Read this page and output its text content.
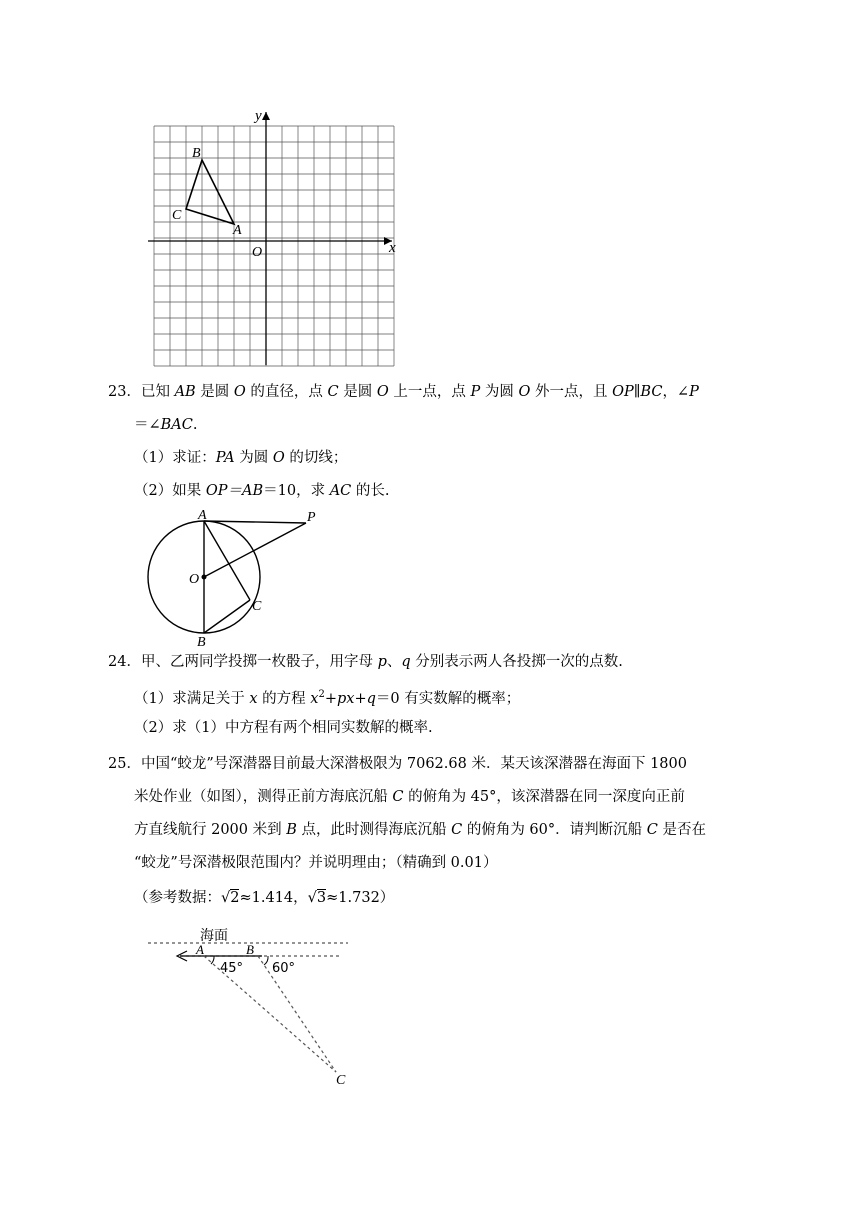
y
x
O
B
C
A
23．已知 AB 是圆 O 的直径，点 C 是圆 O 上一点，点 P 为圆 O 外一点，且 OP∥BC，∠P
＝∠BAC.
（1）求证：PA 为圆 O 的切线；
（2）如果 OP＝AB＝10，求 AC 的长.
A	P
O
C
B
24．甲、乙两同学投掷一枚骰子，用字母 p、q 分别表示两人各投掷一次的点数.
（1）求满足关于 x 的方程 $x^2+px+q=0$ 有实数解的概率；
（2）求（1）中方程有两个相同实数解的概率.
25．中国“蛟龙”号深潜器目前最大深潜极限为 7062.68 米．某天该深潜器在海面下 1800
米处作业（如图），测得正前方海底沉船 C 的俯角为 45°，该深潜器在同一深度向正前
方直线航行 2000 米到 B 点，此时测得海底沉船 C 的俯角为 60°．请判断沉船 C 是否在
“蛟龙”号深潜极限范围内？并说明理由；（精确到 0.01）
（参考数据：√2≈1.414，√3≈1.732）
海面
A	B
45° 60°
C
